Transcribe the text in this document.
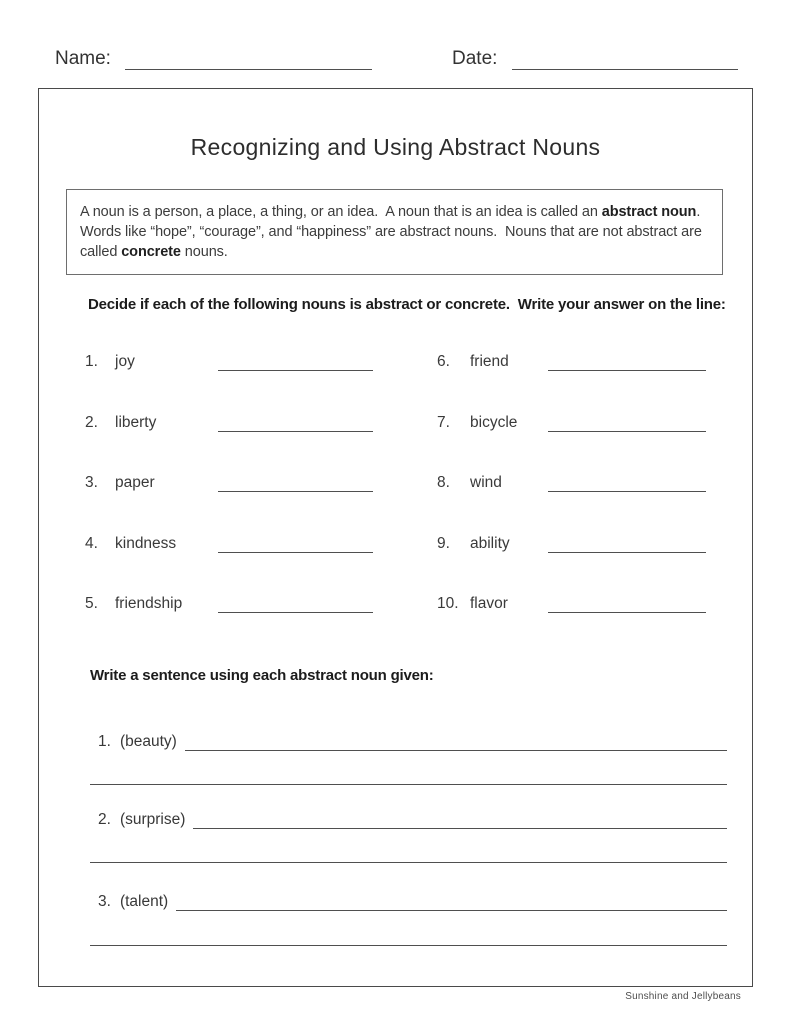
Name:	Date:
Recognizing and Using Abstract Nouns

A noun is a person, a place, a thing, or an idea.  A noun that is an idea is called an abstract noun.  Words like “hope”, “courage”, and “happiness” are abstract nouns.  Nouns that are not abstract are called concrete nouns.

Decide if each of the following nouns is abstract or concrete.  Write your answer on the line:

1.	joy
2.	liberty
3.	paper
4.	kindness
5.	friendship
6.	friend
7.	bicycle
8.	wind
9.	ability
10. flavor

Write a sentence using each abstract noun given:

1. (beauty)
2. (surprise)
3. (talent)
Sunshine and Jellybeans
